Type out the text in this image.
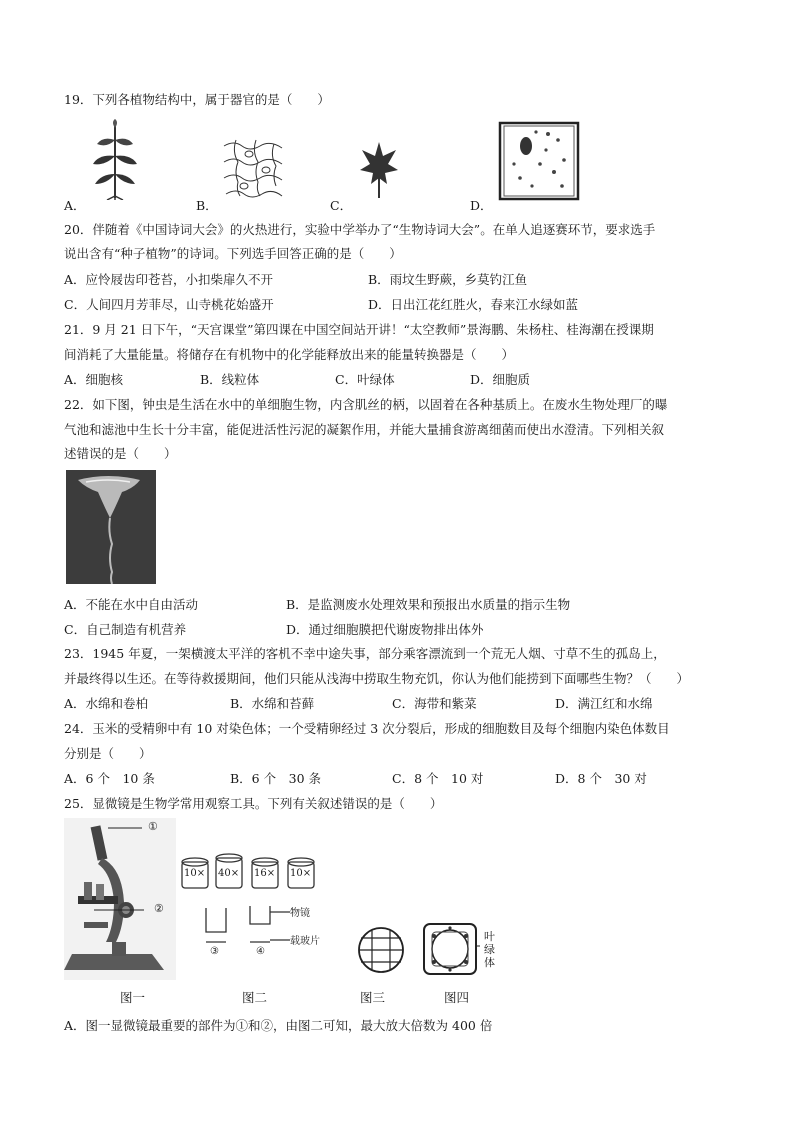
19．下列各植物结构中，属于器官的是（　　）
A．	B．	C．	D．
20．伴随着《中国诗词大会》的火热进行，实验中学举办了“生物诗词大会”。在单人追逐赛环节，要求选手
说出含有“种子植物”的诗词。下列选手回答正确的是（　　）
A．应怜屐齿印苍苔，小扣柴扉久不开	B．雨坟生野蕨，乡莫钓江鱼
C．人间四月芳菲尽，山寺桃花始盛开	D．日出江花红胜火，春来江水绿如蓝
21．9 月 21 日下午，“天宫课堂”第四课在中国空间站开讲！“太空教师”景海鹏、朱杨柱、桂海潮在授课期
间消耗了大量能量。将储存在有机物中的化学能释放出来的能量转换器是（　　）
A．细胞核	B．线粒体	C．叶绿体	D．细胞质
22．如下图，钟虫是生活在水中的单细胞生物，内含肌丝的柄，以固着在各种基质上。在废水生物处理厂的曝
气池和滤池中生长十分丰富，能促进活性污泥的凝絮作用，并能大量捕食游离细菌而使出水澄清。下列相关叙
述错误的是（　　）
A．不能在水中自由活动	B．是监测废水处理效果和预报出水质量的指示生物
C．自己制造有机营养	D．通过细胞膜把代谢废物排出体外
23．1945 年夏，一架横渡太平洋的客机不幸中途失事，部分乘客漂流到一个荒无人烟、寸草不生的孤岛上，
并最终得以生还。在等待救援期间，他们只能从浅海中捞取生物充饥，你认为他们能捞到下面哪些生物？（　　）
A．水绵和卷柏	B．水绵和苔藓	C．海带和紫菜	D．满江红和水绵
24．玉米的受精卵中有 10 对染色体；一个受精卵经过 3 次分裂后，形成的细胞数目及每个细胞内染色体数目
分别是（　　）
A．6 个　10 条	B．6 个　30 条	C．8 个　10 对	D．8 个　30 对
25．显微镜是生物学常用观察工具。下列有关叙述错误的是（　　）
①
②
10× 40× 16× 10×
物镜
载玻片
③	④
叶
绿
体
图一	图二	图三	图四
A．图一显微镜最重要的部件为①和②，由图二可知，最大放大倍数为 400 倍
